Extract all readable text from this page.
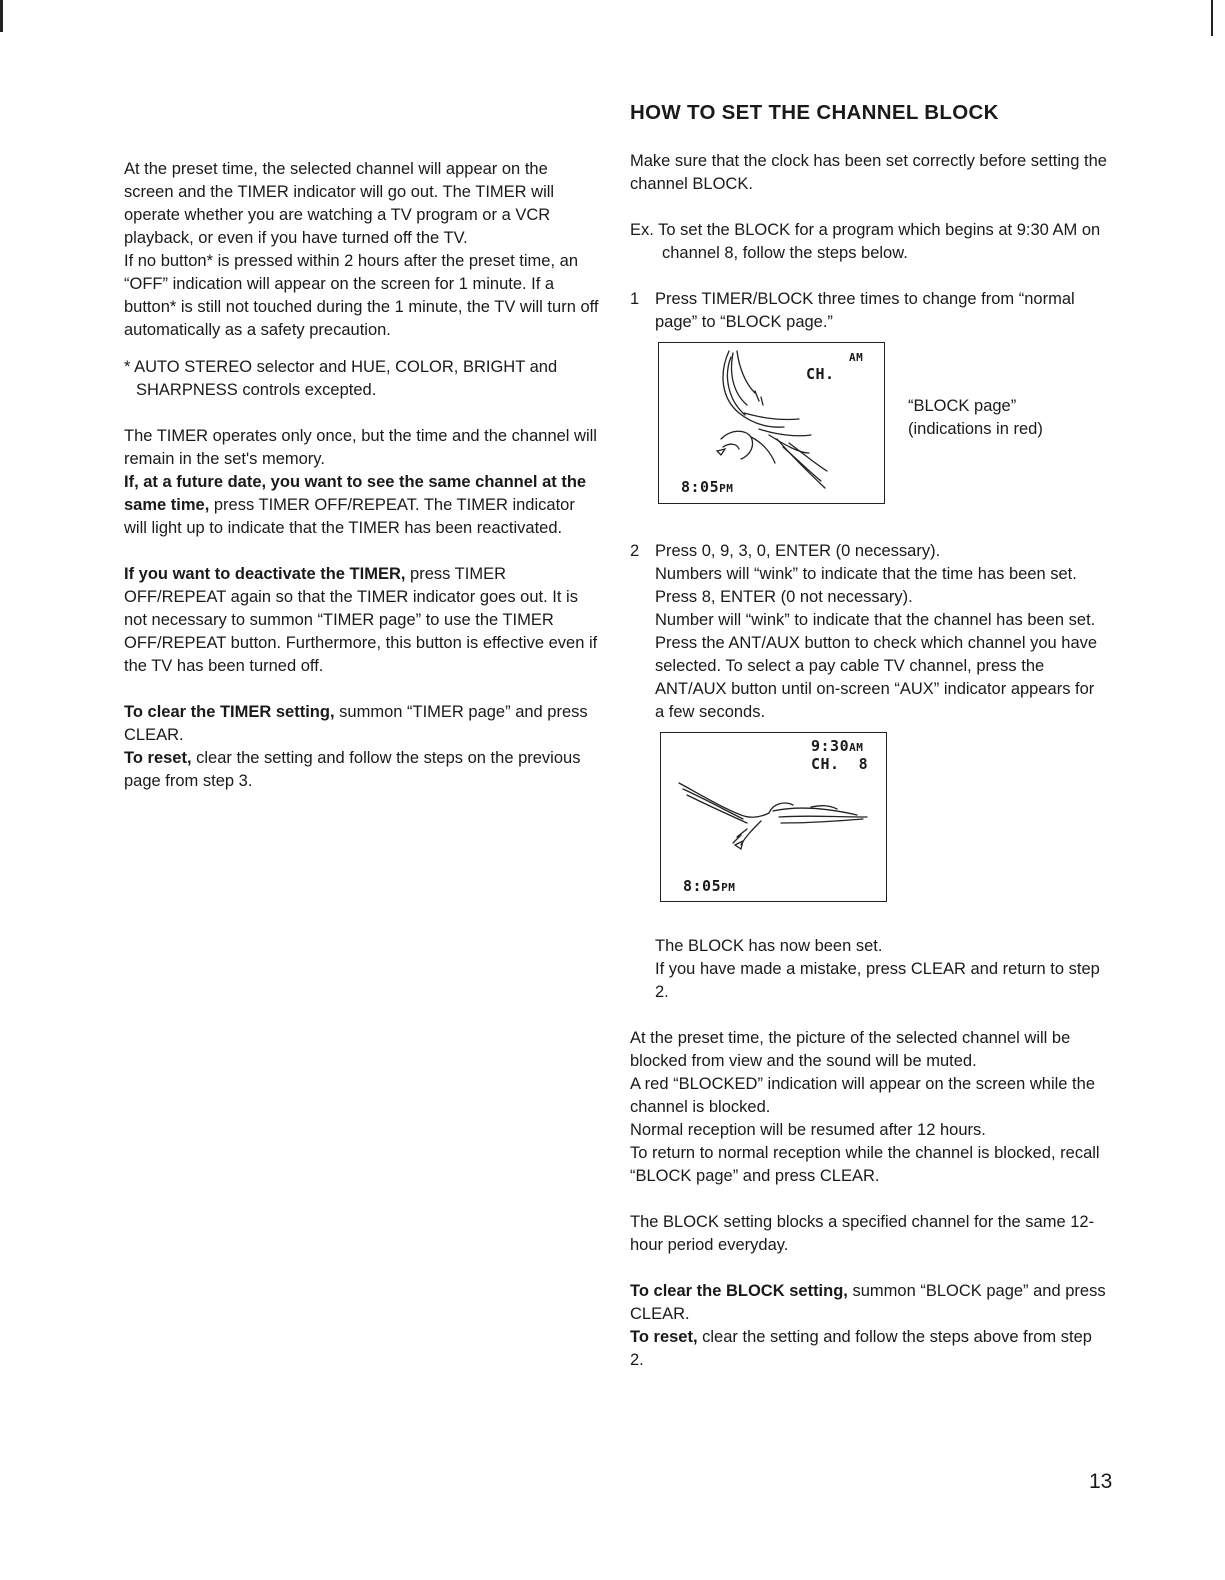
At the preset time, the selected channel will appear on the screen and the TIMER indicator will go out. The TIMER will operate whether you are watching a TV program or a VCR playback, or even if you have turned off the TV.

If no button* is pressed within 2 hours after the preset time, an “OFF” indication will appear on the screen for 1 minute. If a button* is still not touched during the 1 minute, the TV will turn off automatically as a safety precaution.

* AUTO STEREO selector and HUE, COLOR, BRIGHT and SHARPNESS controls excepted.

The TIMER operates only once, but the time and the channel will remain in the set's memory.

If, at a future date, you want to see the same channel at the same time, press TIMER OFF/REPEAT. The TIMER indicator will light up to indicate that the TIMER has been reactivated.

If you want to deactivate the TIMER, press TIMER OFF/REPEAT again so that the TIMER indicator goes out. It is not necessary to summon “TIMER page” to use the TIMER OFF/REPEAT button. Furthermore, this button is effective even if the TV has been turned off.

To clear the TIMER setting, summon “TIMER page” and press CLEAR.

To reset, clear the setting and follow the steps on the previous page from step 3.

HOW TO SET THE CHANNEL BLOCK

Make sure that the clock has been set correctly before setting the channel BLOCK.

Ex. To set the BLOCK for a program which begins at 9:30 AM on channel 8, follow the steps below.

1 Press TIMER/BLOCK three times to change from “normal page” to “BLOCK page.”

AM
CH.
8:05PM
“BLOCK page”
(indications in red)
2 Press 0, 9, 3, 0, ENTER (0 necessary).

Numbers will “wink” to indicate that the time has been set.

Press 8, ENTER (0 not necessary).

Number will “wink” to indicate that the channel has been set.

Press the ANT/AUX button to check which channel you have selected. To select a pay cable TV channel, press the ANT/AUX button until on-screen “AUX” indicator appears for a few seconds.

9:30AM
CH.  8
8:05PM

The BLOCK has now been set.

If you have made a mistake, press CLEAR and return to step 2.

At the preset time, the picture of the selected channel will be blocked from view and the sound will be muted.

A red “BLOCKED” indication will appear on the screen while the channel is blocked.

Normal reception will be resumed after 12 hours.

To return to normal reception while the channel is blocked, recall “BLOCK page” and press CLEAR.

The BLOCK setting blocks a specified channel for the same 12-hour period everyday.

To clear the BLOCK setting, summon “BLOCK page” and press CLEAR.

To reset, clear the setting and follow the steps above from step 2.

13
